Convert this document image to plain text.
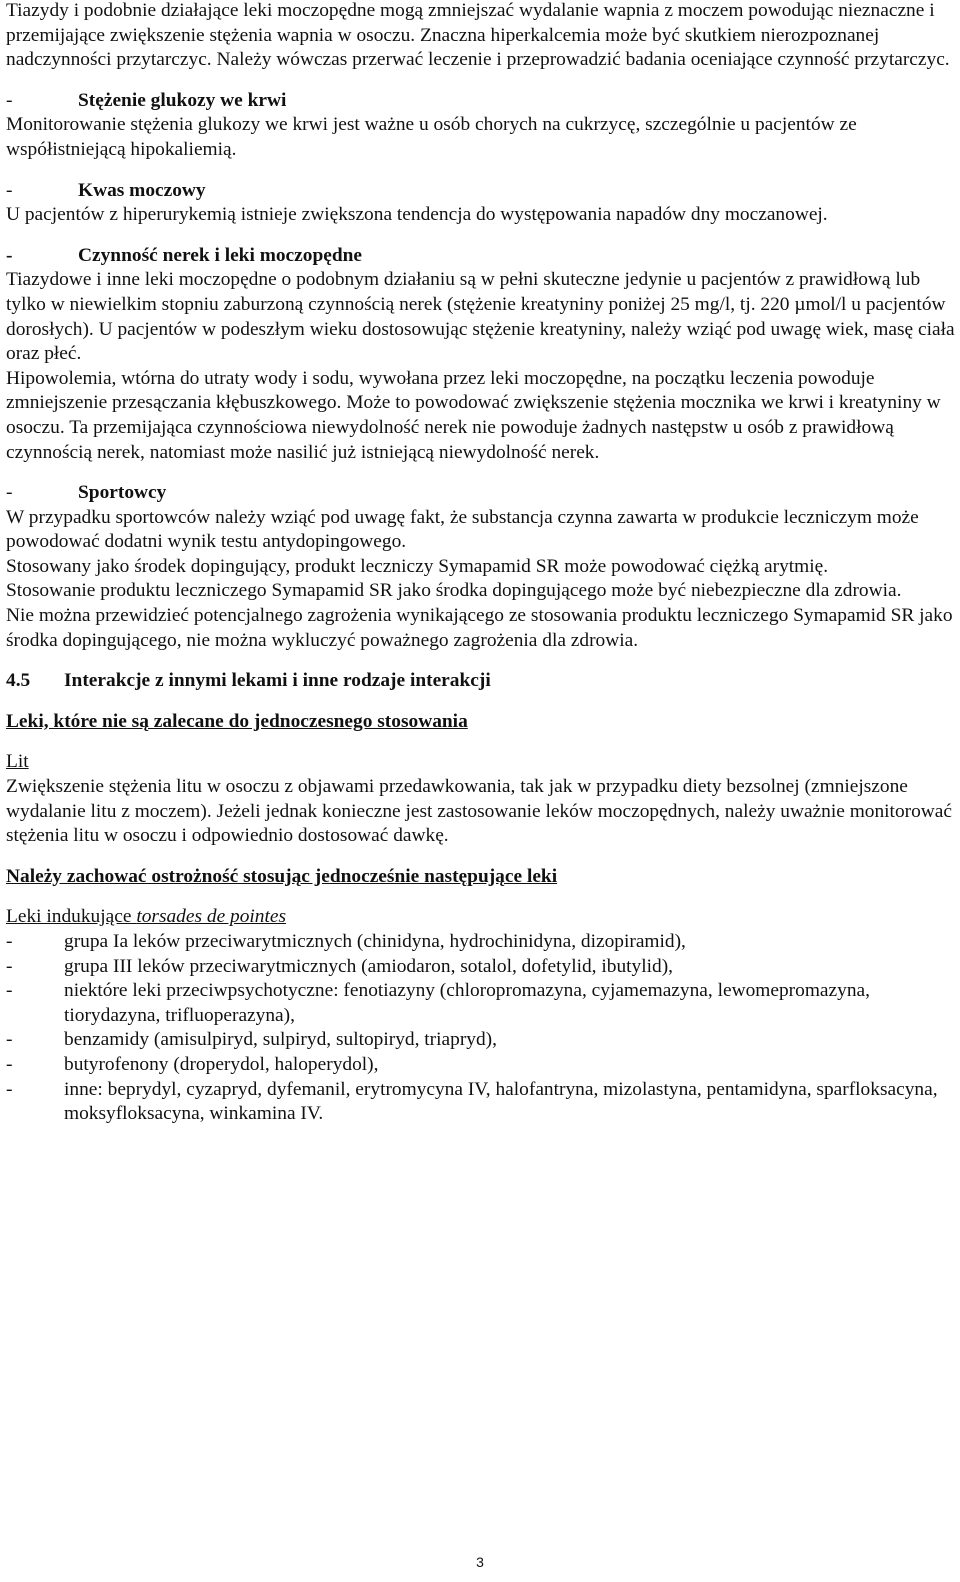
Tiazydy i podobnie działające leki moczopędne mogą zmniejszać wydalanie wapnia z moczem powodując nieznaczne i przemijające zwiększenie stężenia wapnia w osoczu. Znaczna hiperkalcemia może być skutkiem nierozpoznanej nadczynności przytarczyc. Należy wówczas przerwać leczenie i przeprowadzić badania oceniające czynność przytarczyc.

-	Stężenie glukozy we krwi

Monitorowanie stężenia glukozy we krwi jest ważne u osób chorych na cukrzycę, szczególnie u pacjentów ze współistniejącą hipokaliemią.

-	Kwas moczowy

U pacjentów z hiperurykemią istnieje zwiększona tendencja do występowania napadów dny moczanowej.

-	Czynność nerek i leki moczopędne

Tiazydowe i inne leki moczopędne o podobnym działaniu są w pełni skuteczne jedynie u pacjentów z prawidłową lub tylko w niewielkim stopniu zaburzoną czynnością nerek (stężenie kreatyniny poniżej 25 mg/l, tj. 220 µmol/l u pacjentów dorosłych). U pacjentów w podeszłym wieku dostosowując stężenie kreatyniny, należy wziąć pod uwagę wiek, masę ciała oraz płeć.

Hipowolemia, wtórna do utraty wody i sodu, wywołana przez leki moczopędne, na początku leczenia powoduje zmniejszenie przesączania kłębuszkowego. Może to powodować zwiększenie stężenia mocznika we krwi i kreatyniny w osoczu. Ta przemijająca czynnościowa niewydolność nerek nie powoduje żadnych następstw u osób z prawidłową czynnością nerek, natomiast może nasilić już istniejącą niewydolność nerek.

-	Sportowcy

W przypadku sportowców należy wziąć pod uwagę fakt, że substancja czynna zawarta w produkcie leczniczym może powodować dodatni wynik testu antydopingowego.

Stosowany jako środek dopingujący, produkt leczniczy Symapamid SR może powodować ciężką arytmię.

Stosowanie produktu leczniczego Symapamid SR jako środka dopingującego może być niebezpieczne dla zdrowia.

Nie można przewidzieć potencjalnego zagrożenia wynikającego ze stosowania produktu leczniczego Symapamid SR jako środka dopingującego, nie można wykluczyć poważnego zagrożenia dla zdrowia.

4.5	Interakcje z innymi lekami i inne rodzaje interakcji

Leki, które nie są zalecane do jednoczesnego stosowania

Lit

Zwiększenie stężenia litu w osoczu z objawami przedawkowania, tak jak w przypadku diety bezsolnej (zmniejszone wydalanie litu z moczem). Jeżeli jednak konieczne jest zastosowanie leków moczopędnych, należy uważnie monitorować stężenia litu w osoczu i odpowiednio dostosować dawkę.

Należy zachować ostrożność stosując jednocześnie następujące leki

Leki indukujące torsades de pointes

-	grupa Ia leków przeciwarytmicznych (chinidyna, hydrochinidyna, dizopiramid),
-	grupa III leków przeciwarytmicznych (amiodaron, sotalol, dofetylid, ibutylid),
-	niektóre leki przeciwpsychotyczne: fenotiazyny (chloropromazyna, cyjamemazyna, lewomepromazyna, tiorydazyna, trifluoperazyna),
-	benzamidy (amisulpiryd, sulpiryd, sultopiryd, triapryd),
-	butyrofenony (droperydol, haloperydol),
-	inne: beprydyl, cyzapryd, dyfemanil, erytromycyna IV, halofantryna, mizolastyna, pentamidyna, sparfloksacyna, moksyfloksacyna, winkamina IV.
3
